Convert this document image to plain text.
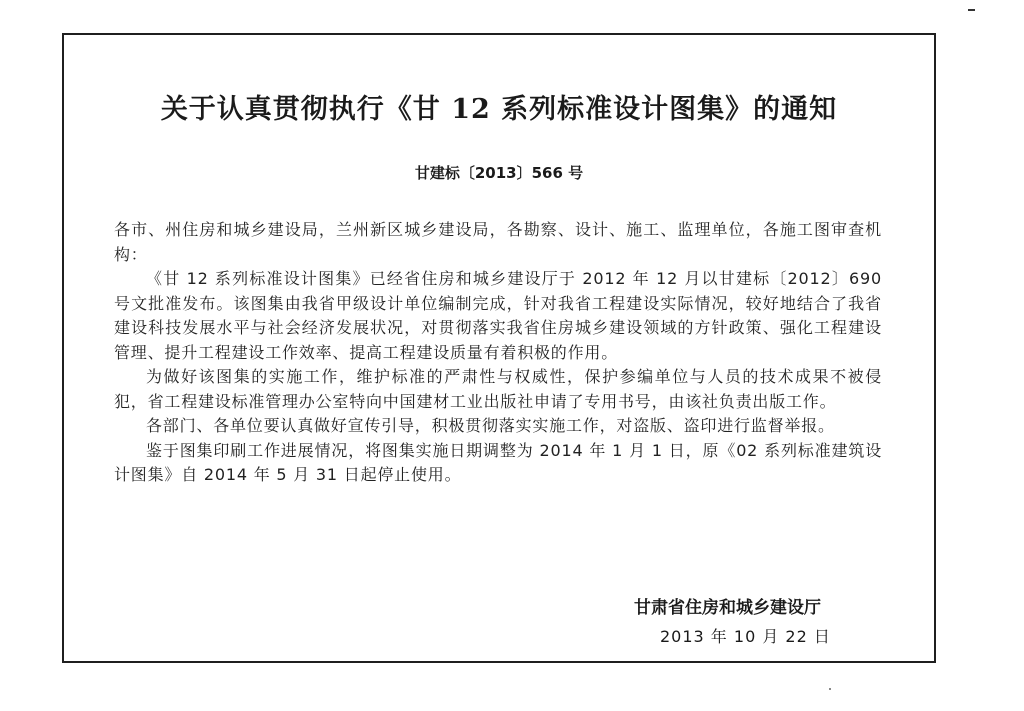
关于认真贯彻执行《甘 12 系列标准设计图集》的通知
甘建标〔2013〕566 号

各市、州住房和城乡建设局，兰州新区城乡建设局，各勘察、设计、施工、监理单位，各施工图审查机构：

《甘 12 系列标准设计图集》已经省住房和城乡建设厅于 2012 年 12 月以甘建标〔2012〕690 号文批准发布。该图集由我省甲级设计单位编制完成，针对我省工程建设实际情况，较好地结合了我省建设科技发展水平与社会经济发展状况，对贯彻落实我省住房城乡建设领域的方针政策、强化工程建设管理、提升工程建设工作效率、提高工程建设质量有着积极的作用。

为做好该图集的实施工作，维护标准的严肃性与权威性，保护参编单位与人员的技术成果不被侵犯，省工程建设标准管理办公室特向中国建材工业出版社申请了专用书号，由该社负责出版工作。

各部门、各单位要认真做好宣传引导，积极贯彻落实实施工作，对盗版、盗印进行监督举报。

鉴于图集印刷工作进展情况，将图集实施日期调整为 2014 年 1 月 1 日，原《02 系列标准建筑设计图集》自 2014 年 5 月 31 日起停止使用。

甘肃省住房和城乡建设厅
2013 年 10 月 22 日
